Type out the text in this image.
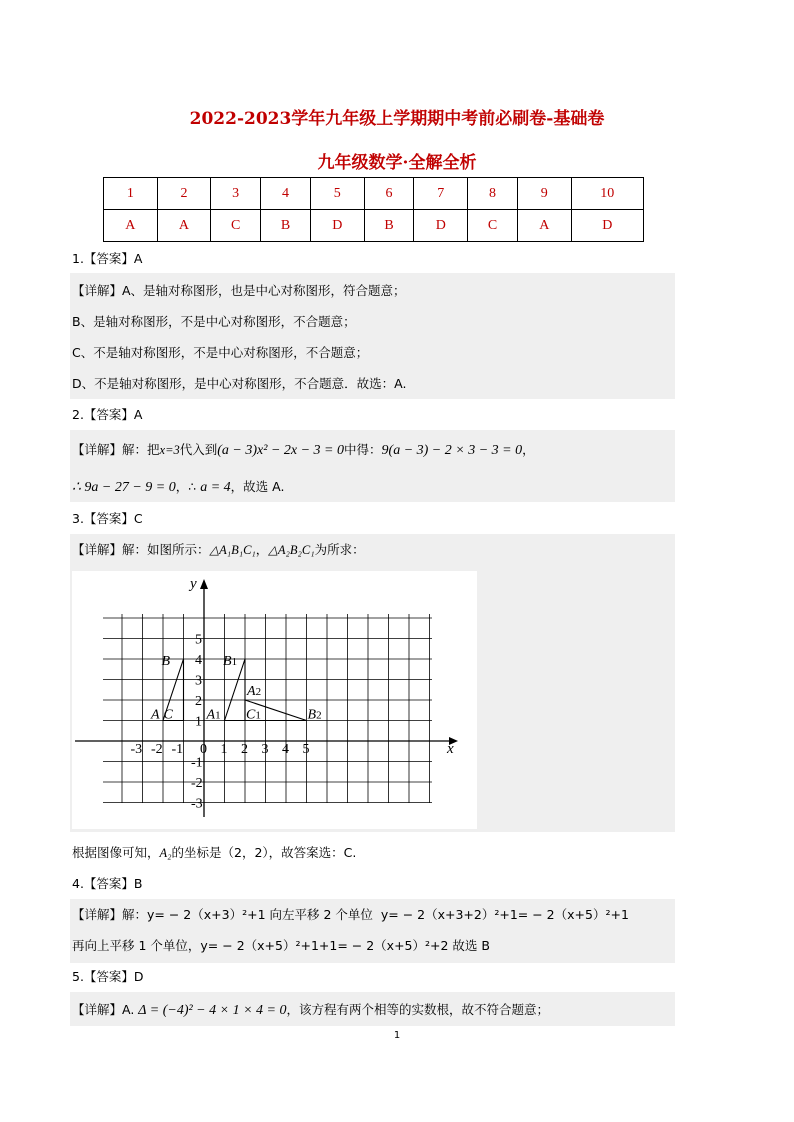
2022-2023学年九年级上学期期中考前必刷卷-基础卷
九年级数学·全解全析
1	2	3	4	5	6	7	8	9	10
A	A	C	B	D	B	D	C	A	D
1.【答案】A
【详解】A、是轴对称图形，也是中心对称图形，符合题意；
B、是轴对称图形，不是中心对称图形，不合题意；
C、不是轴对称图形，不是中心对称图形，不合题意；
D、不是轴对称图形，是中心对称图形，不合题意．故选：A.
2.【答案】A
【详解】解：把x=3代入到(a − 3)x² − 2x − 3 = 0中得：9(a − 3) − 2 × 3 − 3 = 0，
∴ 9a − 27 − 9 = 0，∴ a = 4，故选 A.
3.【答案】C
【详解】解：如图所示：△A₁B₁C₁，△A₂B₂C₁为所求：
x
y
-3 -2 -1 0 1 2 3 4 5
5
4
3
2
1
-1
-2
-3
A
B
C A1
B1
C1
A2
B2
根据图像可知，A₂的坐标是（2，2），故答案选：C.
4.【答案】B
【详解】解：y= − 2（x+3）²+1 向左平移 2 个单位 y= − 2（x+3+2）²+1= − 2（x+5）²+1
再向上平移 1 个单位，y= − 2（x+5）²+1+1= − 2（x+5）²+2 故选 B
5.【答案】D
【详解】A. Δ = (−4)² − 4 × 1 × 4 = 0，该方程有两个相等的实数根，故不符合题意；
1
